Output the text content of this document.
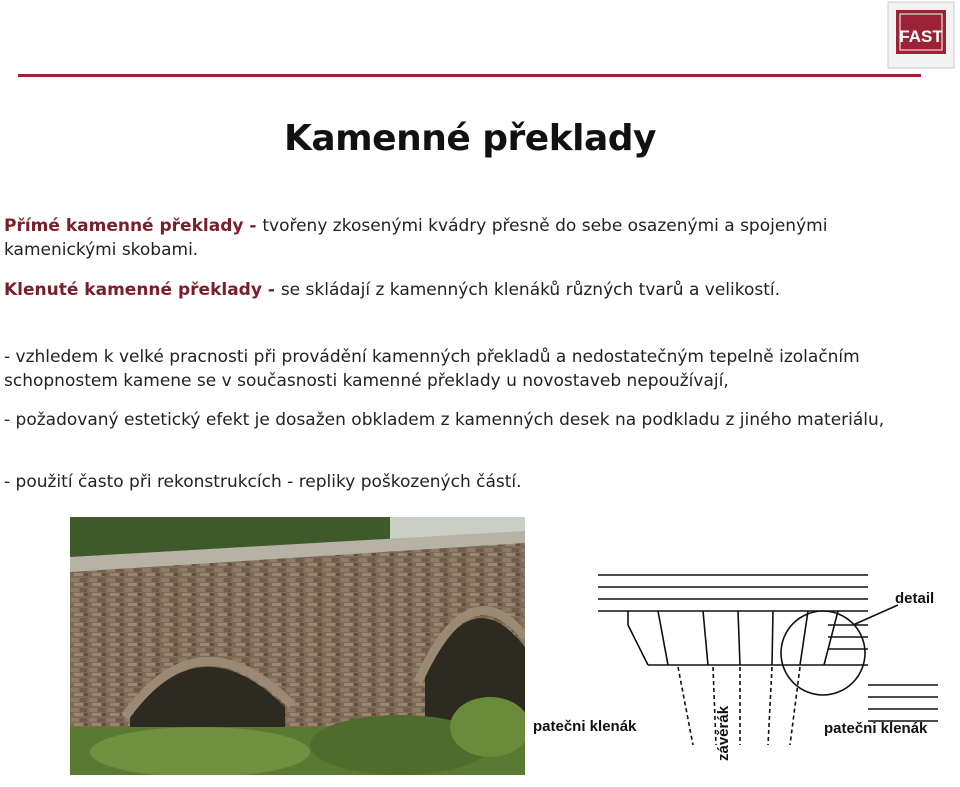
FAST
Kamenné překlady
Přímé kamenné překlady - tvořeny zkosenými kvádry přesně do sebe osazenými a spojenými kamenickými skobami.
Klenuté kamenné překlady - se skládají z kamenných klenáků různých tvarů a velikostí.
- vzhledem k velké pracnosti při provádění kamenných překladů a nedostatečným tepelně izolačním schopnostem kamene se v současnosti kamenné překlady u novostaveb nepoužívají,
- požadovaný estetický efekt je dosažen obkladem z kamenných desek na podkladu z jiného materiálu,
- použití často při rekonstrukcích - repliky poškozených částí.
detail
patečni klenák	patečni klenák
závěrák
